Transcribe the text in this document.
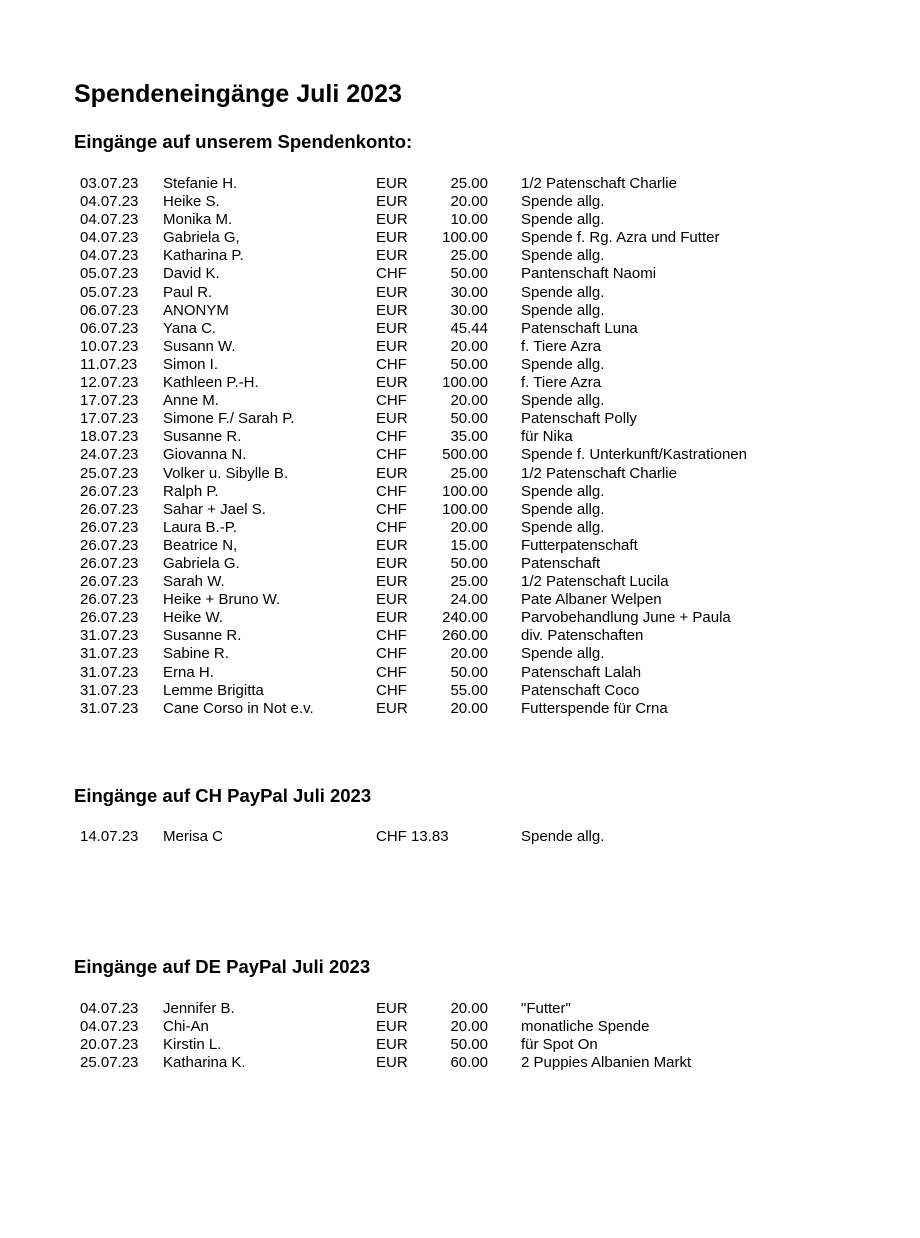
Spendeneingänge Juli 2023
Eingänge auf unserem Spendenkonto:
03.07.23 Stefanie H.	EUR	25.00 1/2 Patenschaft Charlie
04.07.23 Heike S.	EUR	20.00 Spende allg.
04.07.23 Monika M.	EUR	10.00 Spende allg.
04.07.23 Gabriela G,	EUR	100.00 Spende f. Rg. Azra und Futter
04.07.23 Katharina P.	EUR	25.00 Spende allg.
05.07.23 David K.	CHF	50.00 Pantenschaft Naomi
05.07.23 Paul R.	EUR	30.00 Spende allg.
06.07.23 ANONYM	EUR	30.00 Spende allg.
06.07.23 Yana C.	EUR	45.44 Patenschaft Luna
10.07.23 Susann W.	EUR	20.00 f. Tiere Azra
11.07.23 Simon I.	CHF	50.00 Spende allg.
12.07.23 Kathleen P.-H.	EUR	100.00 f. Tiere Azra
17.07.23 Anne M.	CHF	20.00 Spende allg.
17.07.23 Simone F./ Sarah P.	EUR	50.00 Patenschaft Polly
18.07.23 Susanne R.	CHF	35.00 für Nika
24.07.23 Giovanna N.	CHF	500.00 Spende f. Unterkunft/Kastrationen
25.07.23 Volker u. Sibylle B.	EUR	25.00 1/2 Patenschaft Charlie
26.07.23 Ralph P.	CHF	100.00 Spende allg.
26.07.23 Sahar + Jael S.	CHF	100.00 Spende allg.
26.07.23 Laura B.-P.	CHF	20.00 Spende allg.
26.07.23 Beatrice N,	EUR	15.00 Futterpatenschaft
26.07.23 Gabriela G.	EUR	50.00 Patenschaft
26.07.23 Sarah W.	EUR	25.00 1/2 Patenschaft Lucila
26.07.23 Heike + Bruno W.	EUR	24.00 Pate Albaner Welpen
26.07.23 Heike W.	EUR	240.00 Parvobehandlung June + Paula
31.07.23 Susanne R.	CHF	260.00 div. Patenschaften
31.07.23 Sabine R.	CHF	20.00 Spende allg.
31.07.23 Erna H.	CHF	50.00 Patenschaft Lalah
31.07.23 Lemme Brigitta	CHF	55.00 Patenschaft Coco
31.07.23 Cane Corso in Not e.v.	EUR	20.00 Futterspende für Crna
Eingänge auf CH PayPal Juli 2023
14.07.23 Merisa C	CHF 13.83	Spende allg.
Eingänge auf DE PayPal Juli 2023
04.07.23 Jennifer B.	EUR	20.00 "Futter"
04.07.23 Chi-An	EUR	20.00 monatliche Spende
20.07.23 Kirstin L.	EUR	50.00 für Spot On
25.07.23 Katharina K.	EUR	60.00 2 Puppies Albanien Markt
